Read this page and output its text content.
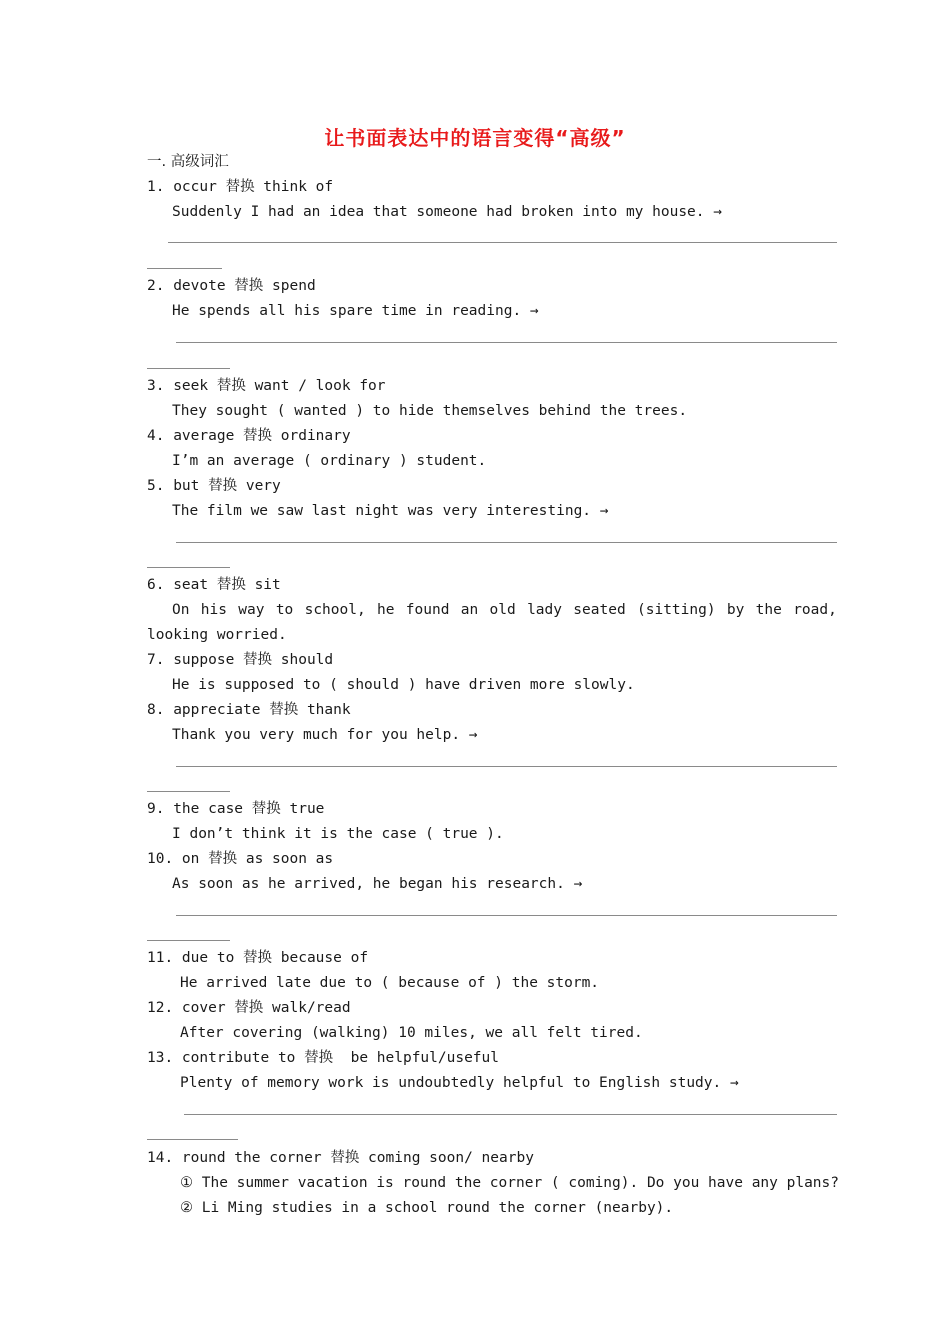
让书面表达中的语言变得“高级”
一. 高级词汇
1. occur 替换 think of
Suddenly I had an idea that someone had broken into my house. →
2. devote 替换 spend
He spends all his spare time in reading. →
3. seek 替换 want / look for
They sought ( wanted ) to hide themselves behind the trees.
4. average 替换 ordinary
I’m an average ( ordinary ) student.
5. but 替换 very
The film we saw last night was very interesting. →
6. seat 替换 sit
On his way to school, he found an old lady seated (sitting) by the road,
looking worried.
7. suppose 替换 should
He is supposed to ( should ) have driven more slowly.
8. appreciate 替换 thank
Thank you very much for you help. →
9. the case 替换 true
I don’t think it is the case ( true ).
10. on 替换 as soon as
As soon as he arrived, he began his research. →
11. due to 替换 because of
He arrived late due to ( because of ) the storm.
12. cover 替换 walk/read
After covering (walking) 10 miles, we all felt tired.
13. contribute to 替换  be helpful/useful
Plenty of memory work is undoubtedly helpful to English study. →
14. round the corner 替换 coming soon/ nearby
① The summer vacation is round the corner ( coming). Do you have any plans?
② Li Ming studies in a school round the corner (nearby).
